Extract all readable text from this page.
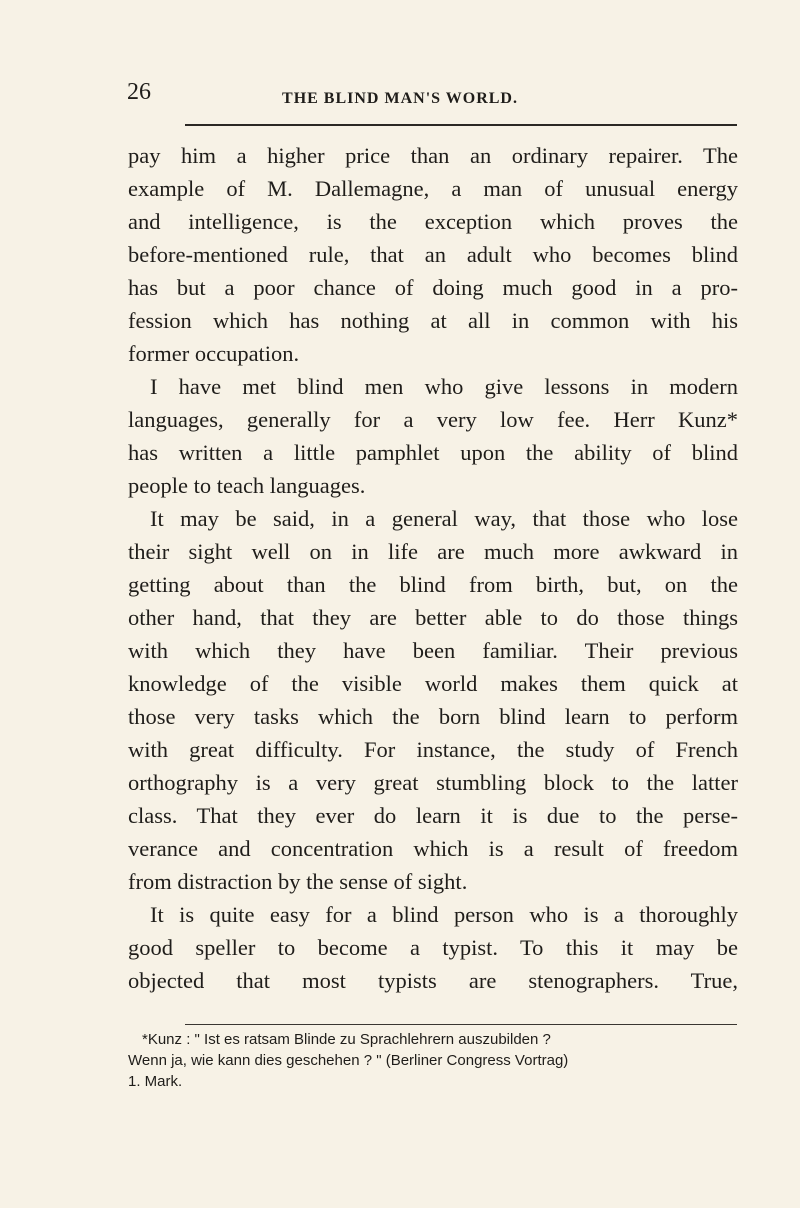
26	THE BLIND MAN'S WORLD.
pay him a higher price than an ordinary repairer. The
example of M. Dallemagne, a man of unusual energy
and intelligence, is the exception which proves the
before-mentioned rule, that an adult who becomes blind
has but a poor chance of doing much good in a pro-
fession which has nothing at all in common with his
former occupation.
I have met blind men who give lessons in modern
languages, generally for a very low fee. Herr Kunz*
has written a little pamphlet upon the ability of blind
people to teach languages.
It may be said, in a general way, that those who lose
their sight well on in life are much more awkward in
getting about than the blind from birth, but, on the
other hand, that they are better able to do those things
with which they have been familiar. Their previous
knowledge of the visible world makes them quick at
those very tasks which the born blind learn to perform
with great difficulty. For instance, the study of French
orthography is a very great stumbling block to the latter
class. That they ever do learn it is due to the perse-
verance and concentration which is a result of freedom
from distraction by the sense of sight.
It is quite easy for a blind person who is a thoroughly
good speller to become a typist. To this it may be
objected that most typists are stenographers. True,
*Kunz : " Ist es ratsam Blinde zu Sprachlehrern auszubilden ?
Wenn ja, wie kann dies geschehen ? " (Berliner Congress Vortrag)
1. Mark.
